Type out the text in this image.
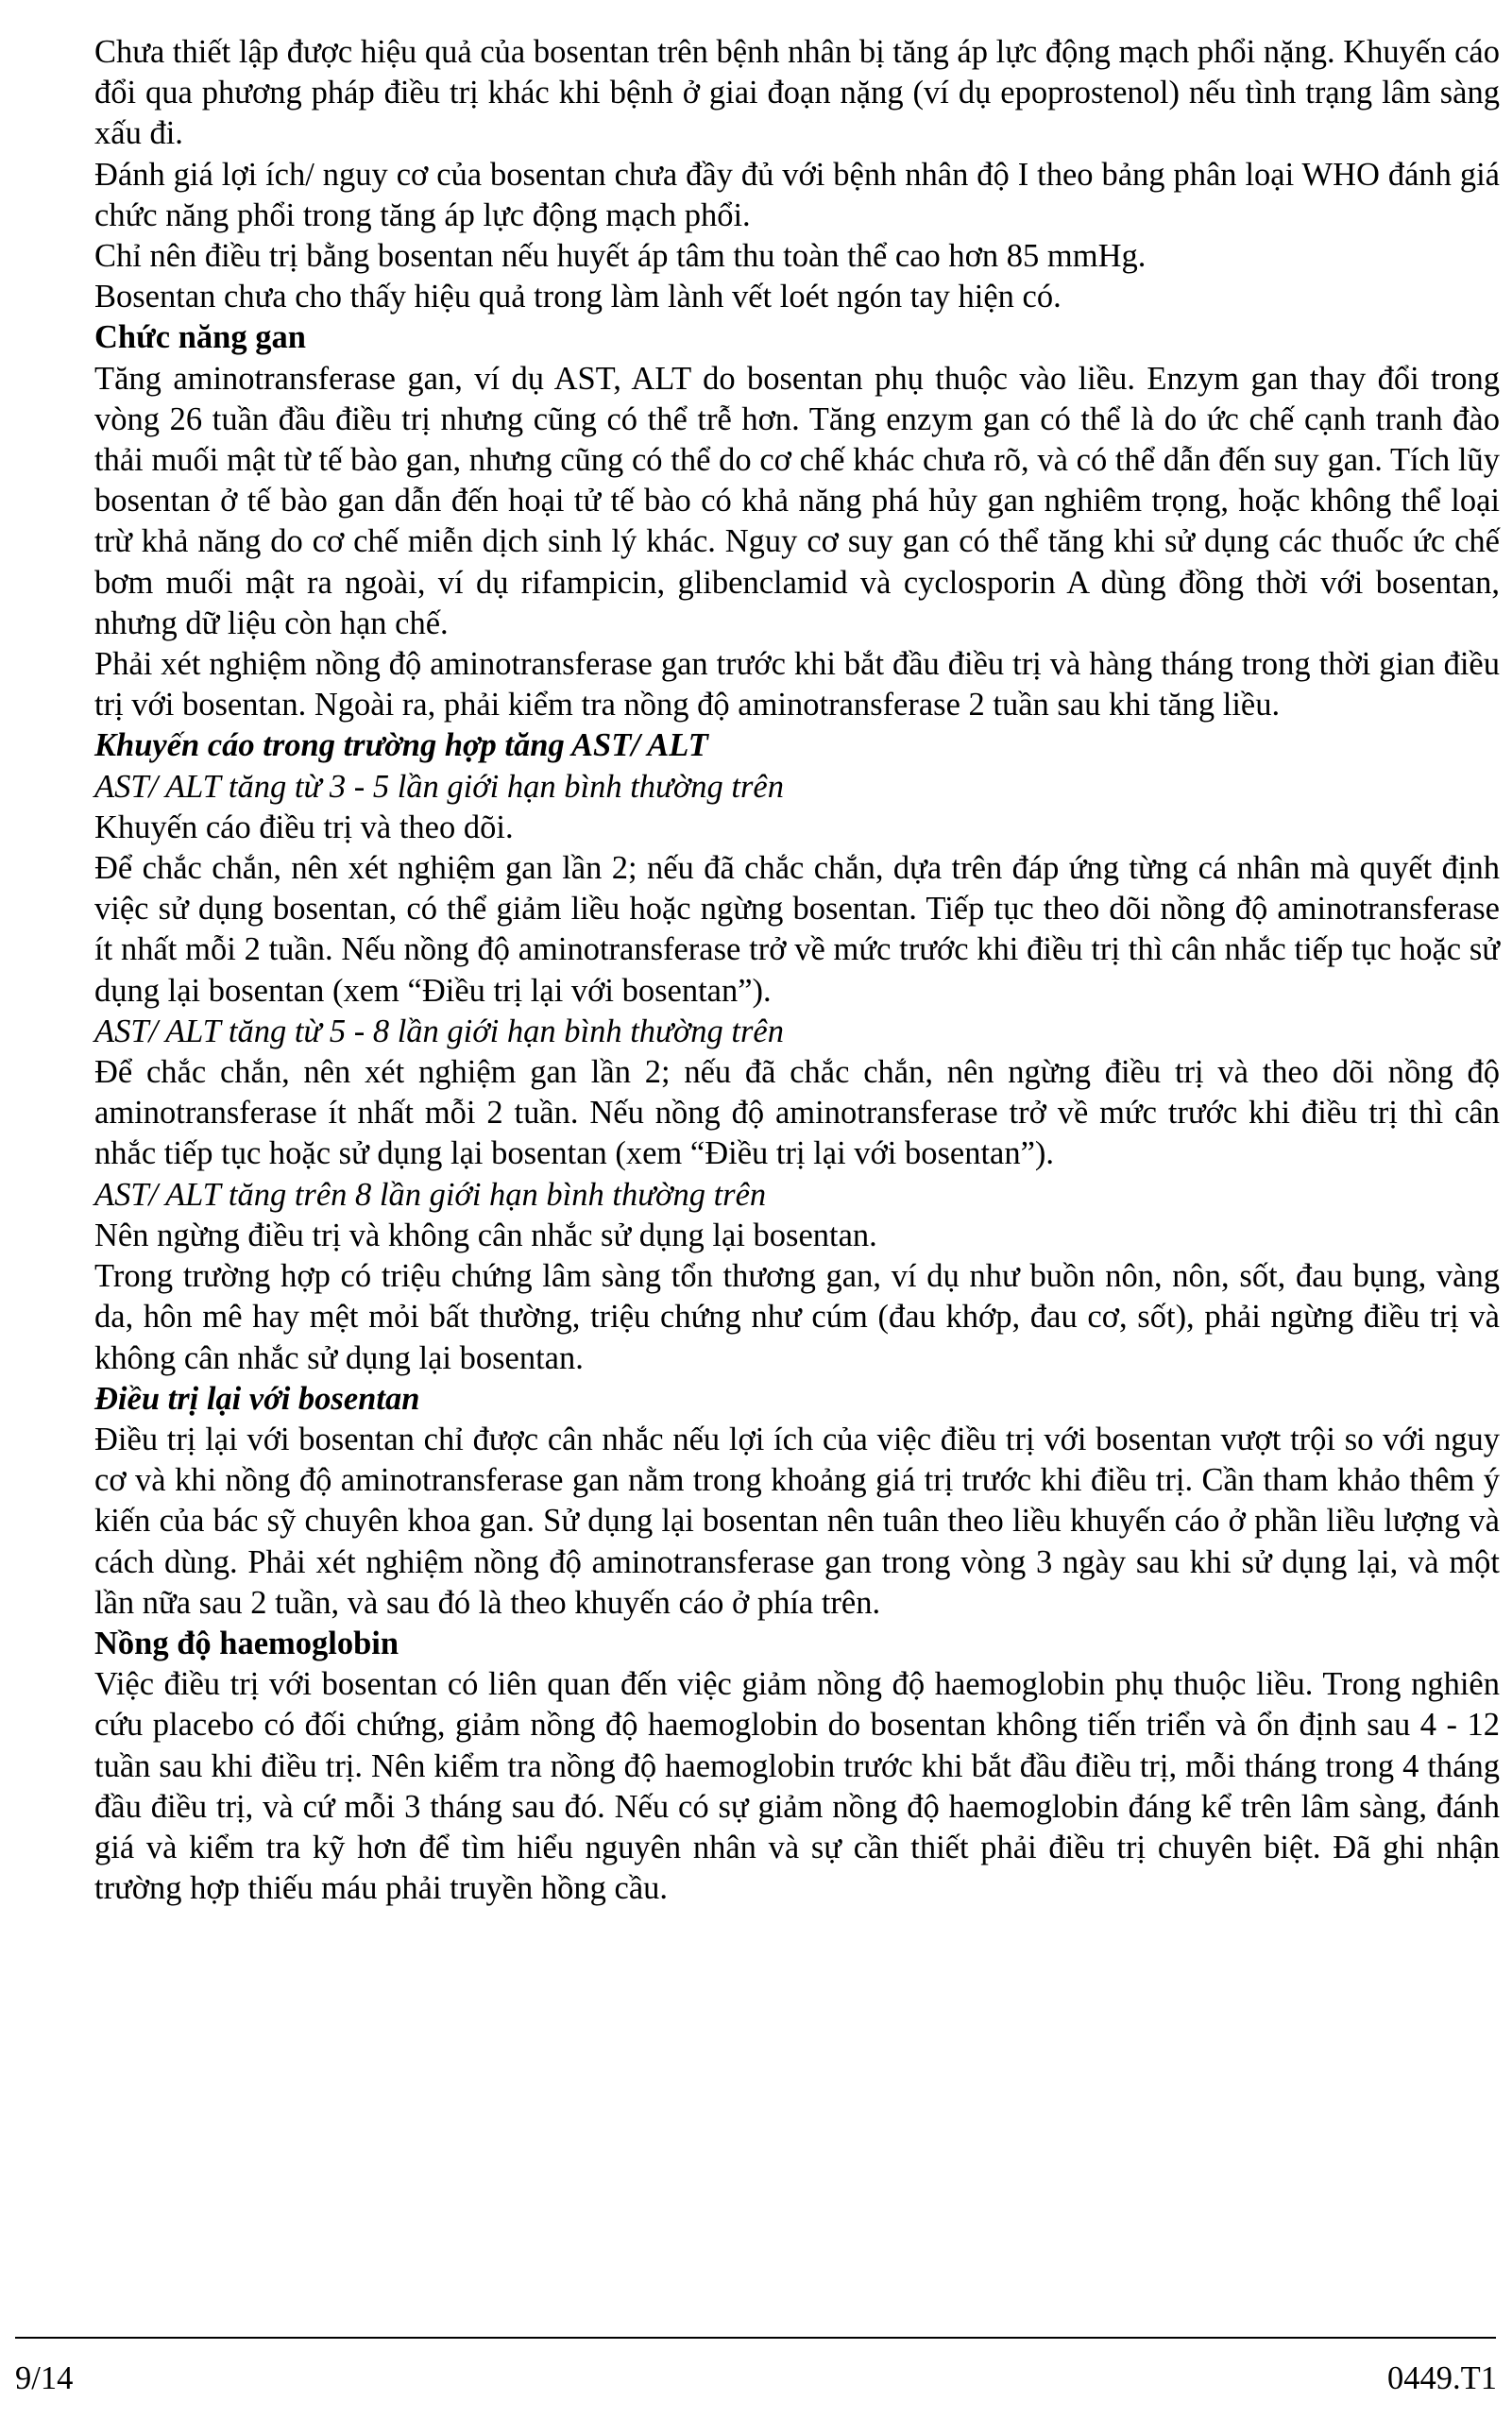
Chưa thiết lập được hiệu quả của bosentan trên bệnh nhân bị tăng áp lực động mạch phổi nặng. Khuyến cáo đổi qua phương pháp điều trị khác khi bệnh ở giai đoạn nặng (ví dụ epoprostenol) nếu tình trạng lâm sàng xấu đi.

Đánh giá lợi ích/ nguy cơ của bosentan chưa đầy đủ với bệnh nhân độ I theo bảng phân loại WHO đánh giá chức năng phổi trong tăng áp lực động mạch phổi.

Chỉ nên điều trị bằng bosentan nếu huyết áp tâm thu toàn thể cao hơn 85 mmHg.

Bosentan chưa cho thấy hiệu quả trong làm lành vết loét ngón tay hiện có.

Chức năng gan

Tăng aminotransferase gan, ví dụ AST, ALT do bosentan phụ thuộc vào liều. Enzym gan thay đổi trong vòng 26 tuần đầu điều trị nhưng cũng có thể trễ hơn. Tăng enzym gan có thể là do ức chế cạnh tranh đào thải muối mật từ tế bào gan, nhưng cũng có thể do cơ chế khác chưa rõ, và có thể dẫn đến suy gan. Tích lũy bosentan ở tế bào gan dẫn đến hoại tử tế bào có khả năng phá hủy gan nghiêm trọng, hoặc không thể loại trừ khả năng do cơ chế miễn dịch sinh lý khác. Nguy cơ suy gan có thể tăng khi sử dụng các thuốc ức chế bơm muối mật ra ngoài, ví dụ rifampicin, glibenclamid và cyclosporin A dùng đồng thời với bosentan, nhưng dữ liệu còn hạn chế.

Phải xét nghiệm nồng độ aminotransferase gan trước khi bắt đầu điều trị và hàng tháng trong thời gian điều trị với bosentan. Ngoài ra, phải kiểm tra nồng độ aminotransferase 2 tuần sau khi tăng liều.

Khuyến cáo trong trường hợp tăng AST/ ALT

AST/ ALT tăng từ 3 - 5 lần giới hạn bình thường trên

Khuyến cáo điều trị và theo dõi.

Để chắc chắn, nên xét nghiệm gan lần 2; nếu đã chắc chắn, dựa trên đáp ứng từng cá nhân mà quyết định việc sử dụng bosentan, có thể giảm liều hoặc ngừng bosentan. Tiếp tục theo dõi nồng độ aminotransferase ít nhất mỗi 2 tuần. Nếu nồng độ aminotransferase trở về mức trước khi điều trị thì cân nhắc tiếp tục hoặc sử dụng lại bosentan (xem “Điều trị lại với bosentan”).

AST/ ALT tăng từ 5 - 8 lần giới hạn bình thường trên

Để chắc chắn, nên xét nghiệm gan lần 2; nếu đã chắc chắn, nên ngừng điều trị và theo dõi nồng độ aminotransferase ít nhất mỗi 2 tuần. Nếu nồng độ aminotransferase trở về mức trước khi điều trị thì cân nhắc tiếp tục hoặc sử dụng lại bosentan (xem “Điều trị lại với bosentan”).

AST/ ALT tăng trên 8 lần giới hạn bình thường trên

Nên ngừng điều trị và không cân nhắc sử dụng lại bosentan.

Trong trường hợp có triệu chứng lâm sàng tổn thương gan, ví dụ như buồn nôn, nôn, sốt, đau bụng, vàng da, hôn mê hay mệt mỏi bất thường, triệu chứng như cúm (đau khớp, đau cơ, sốt), phải ngừng điều trị và không cân nhắc sử dụng lại bosentan.

Điều trị lại với bosentan

Điều trị lại với bosentan chỉ được cân nhắc nếu lợi ích của việc điều trị với bosentan vượt trội so với nguy cơ và khi nồng độ aminotransferase gan nằm trong khoảng giá trị trước khi điều trị. Cần tham khảo thêm ý kiến của bác sỹ chuyên khoa gan. Sử dụng lại bosentan nên tuân theo liều khuyến cáo ở phần liều lượng và cách dùng. Phải xét nghiệm nồng độ aminotransferase gan trong vòng 3 ngày sau khi sử dụng lại, và một lần nữa sau 2 tuần, và sau đó là theo khuyến cáo ở phía trên.

Nồng độ haemoglobin

Việc điều trị với bosentan có liên quan đến việc giảm nồng độ haemoglobin phụ thuộc liều. Trong nghiên cứu placebo có đối chứng, giảm nồng độ haemoglobin do bosentan không tiến triển và ổn định sau 4 - 12 tuần sau khi điều trị. Nên kiểm tra nồng độ haemoglobin trước khi bắt đầu điều trị, mỗi tháng trong 4 tháng đầu điều trị, và cứ mỗi 3 tháng sau đó. Nếu có sự giảm nồng độ haemoglobin đáng kể trên lâm sàng, đánh giá và kiểm tra kỹ hơn để tìm hiểu nguyên nhân và sự cần thiết phải điều trị chuyên biệt. Đã ghi nhận trường hợp thiếu máu phải truyền hồng cầu.

9/14	0449.T1
